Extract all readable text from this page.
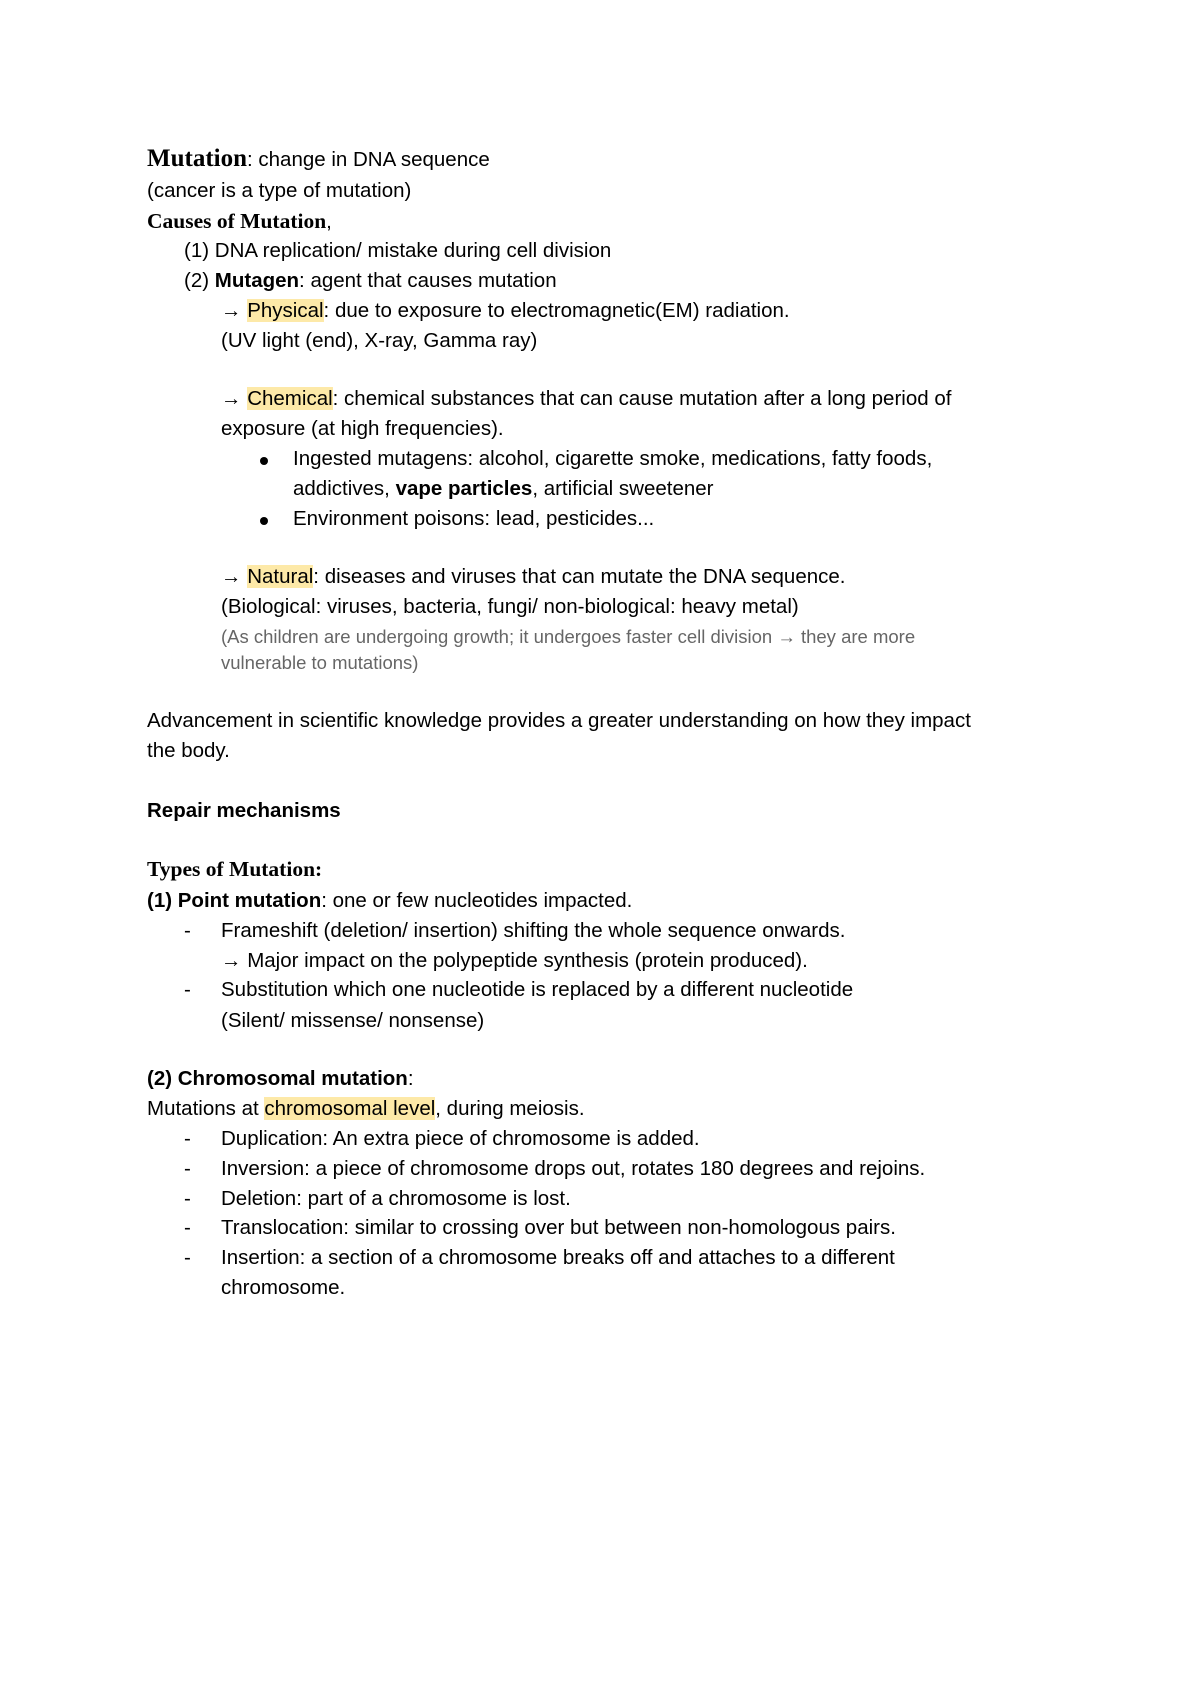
Mutation: change in DNA sequence
(cancer is a type of mutation)
Causes of Mutation,
(1) DNA replication/ mistake during cell division
(2) Mutagen: agent that causes mutation
→ Physical: due to exposure to electromagnetic(EM) radiation.
(UV light (end), X-ray, Gamma ray)
→ Chemical: chemical substances that can cause mutation after a long period of
exposure (at high frequencies).
Ingested mutagens: alcohol, cigarette smoke, medications, fatty foods,
addictives, vape particles, artificial sweetener
Environment poisons: lead, pesticides...
→ Natural: diseases and viruses that can mutate the DNA sequence.
(Biological: viruses, bacteria, fungi/ non-biological: heavy metal)
(As children are undergoing growth; it undergoes faster cell division → they are more
vulnerable to mutations)
Advancement in scientific knowledge provides a greater understanding on how they impact
the body.
Repair mechanisms
Types of Mutation:
(1) Point mutation: one or few nucleotides impacted.
- Frameshift (deletion/ insertion) shifting the whole sequence onwards.
→ Major impact on the polypeptide synthesis (protein produced).
- Substitution which one nucleotide is replaced by a different nucleotide
(Silent/ missense/ nonsense)
(2) Chromosomal mutation:
Mutations at chromosomal level, during meiosis.
- Duplication: An extra piece of chromosome is added.
- Inversion: a piece of chromosome drops out, rotates 180 degrees and rejoins.
- Deletion: part of a chromosome is lost.
- Translocation: similar to crossing over but between non-homologous pairs.
- Insertion: a section of a chromosome breaks off and attaches to a different
chromosome.
